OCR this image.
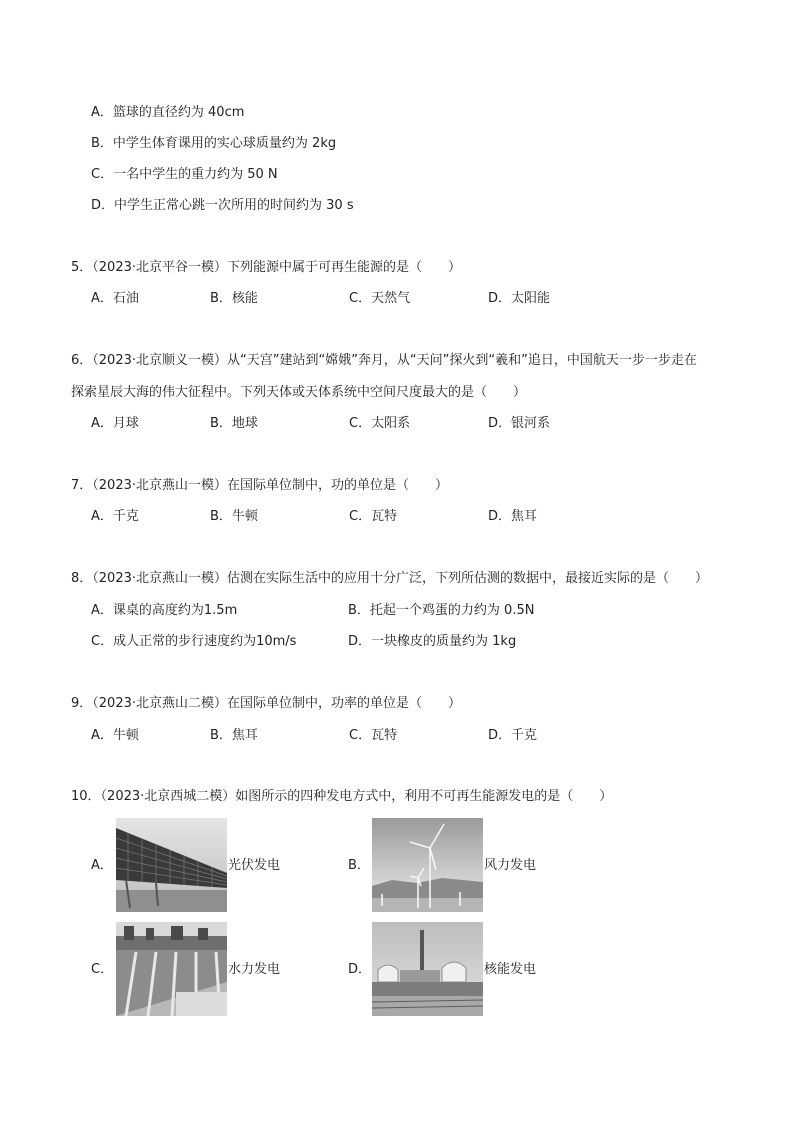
A．篮球的直径约为 40cm
B．中学生体育课用的实心球质量约为 2kg
C．一名中学生的重力约为 50 N
D．中学生正常心跳一次所用的时间约为 30 s
5．（2023·北京平谷一模）下列能源中属于可再生能源的是（　　）
A．石油	B．核能	C．天然气	D．太阳能
6．（2023·北京顺义一模）从“天宫”建站到“嫦娥”奔月，从“天问”探火到“羲和”追日，中国航天一步一步走在
探索星辰大海的伟大征程中。下列天体或天体系统中空间尺度最大的是（　　）
A．月球	B．地球	C．太阳系	D．银河系
7．（2023·北京燕山一模）在国际单位制中，功的单位是（　　）
A．千克	B．牛顿	C．瓦特	D．焦耳
8．（2023·北京燕山一模）估测在实际生活中的应用十分广泛，下列所估测的数据中，最接近实际的是（　　）
A．课桌的高度约为1.5m	B．托起一个鸡蛋的力约为 0.5N
C．成人正常的步行速度约为10m/s	D．一块橡皮的质量约为 1kg
9．（2023·北京燕山二模）在国际单位制中，功率的单位是（　　）
A．牛顿	B．焦耳	C．瓦特	D．千克
10．（2023·北京西城二模）如图所示的四种发电方式中，利用不可再生能源发电的是（　　）
A．	光伏发电	B．	风力发电
C．	水力发电	D．	核能发电
